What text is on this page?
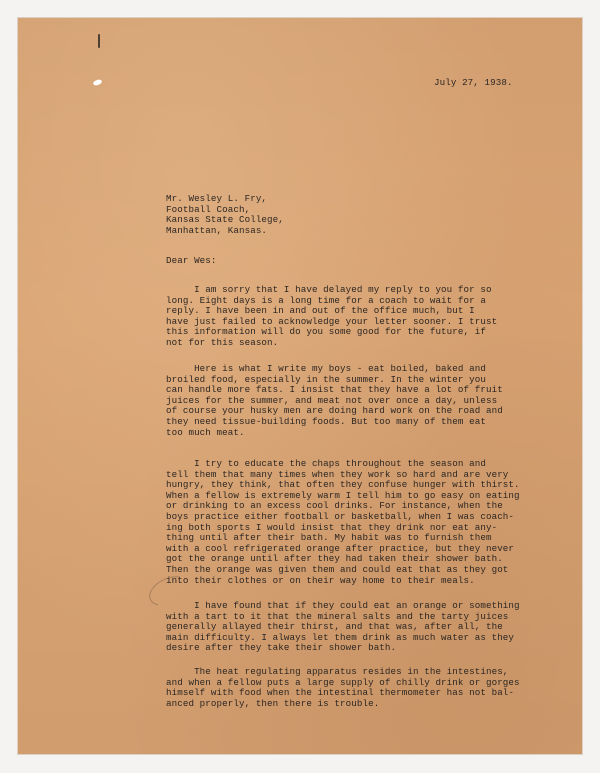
July 27, 1938.
Mr. Wesley L. Fry,
Football Coach,
Kansas State College,
Manhattan, Kansas.
Dear Wes:
I am sorry that I have delayed my reply to you for so
long. Eight days is a long time for a coach to wait for a
reply. I have been in and out of the office much, but I
have just failed to acknowledge your letter sooner. I trust
this information will do you some good for the future, if
not for this season.
Here is what I write my boys - eat boiled, baked and
broiled food, especially in the summer. In the winter you
can handle more fats. I insist that they have a lot of fruit
juices for the summer, and meat not over once a day, unless
of course your husky men are doing hard work on the road and
they need tissue-building foods. But too many of them eat
too much meat.
I try to educate the chaps throughout the season and
tell them that many times when they work so hard and are very
hungry, they think, that often they confuse hunger with thirst.
When a fellow is extremely warm I tell him to go easy on eating
or drinking to an excess cool drinks. For instance, when the
boys practice either football or basketball, when I was coach-
ing both sports I would insist that they drink nor eat any-
thing until after their bath. My habit was to furnish them
with a cool refrigerated orange after practice, but they never
got the orange until after they had taken their shower bath.
Then the orange was given them and could eat that as they got
into their clothes or on their way home to their meals.
I have found that if they could eat an orange or something
with a tart to it that the mineral salts and the tarty juices
generally allayed their thirst, and that was, after all, the
main difficulty. I always let them drink as much water as they
desire after they take their shower bath.
The heat regulating apparatus resides in the intestines,
and when a fellow puts a large supply of chilly drink or gorges
himself with food when the intestinal thermometer has not bal-
anced properly, then there is trouble.
